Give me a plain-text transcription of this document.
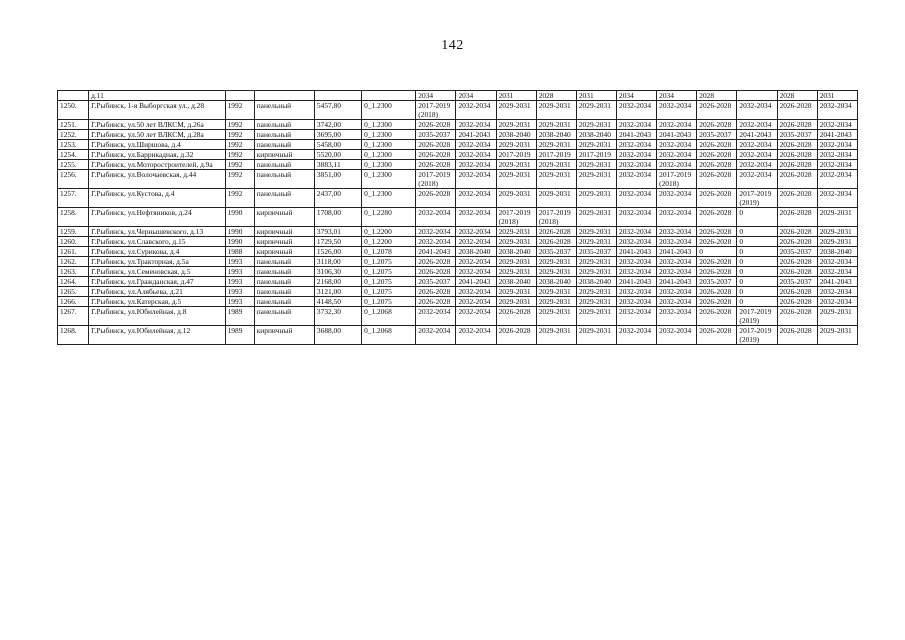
142
	д.11					2034	2034	2031	2028	2031	2034	2034	2028		2028	2031
1250.	Г.Рыбинск, 1-я Выборгская ул., д.28	1992	панельный	5457,80	0_1.2300	2017-2019 (2018)	2032-2034	2029-2031	2029-2031	2029-2031	2032-2034	2032-2034	2026-2028	2032-2034	2026-2028	2032-2034
1251.	Г.Рыбинск, ул.50 лет ВЛКСМ, д.26а	1992	панельный	3742,00	0_1.2300	2026-2028	2032-2034	2029-2031	2029-2031	2029-2031	2032-2034	2032-2034	2026-2028	2032-2034	2026-2028	2032-2034
1252.	Г.Рыбинск, ул.50 лет ВЛКСМ, д.28а	1992	панельный	3695,00	0_1.2300	2035-2037	2041-2043	2038-2040	2038-2040	2038-2040	2041-2043	2041-2043	2035-2037	2041-2043	2035-2037	2041-2043
1253.	Г.Рыбинск, ул.Ширшова, д.4	1992	панельный	5458,00	0_1.2300	2026-2028	2032-2034	2029-2031	2029-2031	2029-2031	2032-2034	2032-2034	2026-2028	2032-2034	2026-2028	2032-2034
1254.	Г.Рыбинск, ул.Баррикадная, д.32	1992	кирпичный	5520,00	0_1.2300	2026-2028	2032-2034	2017-2019	2017-2019	2017-2019	2032-2034	2032-2034	2026-2028	2032-2034	2026-2028	2032-2034
1255.	Г.Рыбинск, ул.Моторостроителей, д.9а	1992	панельный	3883,11	0_1.2300	2026-2028	2032-2034	2029-2031	2029-2031	2029-2031	2032-2034	2032-2034	2026-2028	2032-2034	2026-2028	2032-2034
1256.	Г.Рыбинск, ул.Волочаевская, д.44	1992	панельный	3851,00	0_1.2300	2017-2019 (2018)	2032-2034	2029-2031	2029-2031	2029-2031	2032-2034	2017-2019 (2018)	2026-2028	2032-2034	2026-2028	2032-2034
1257.	Г.Рыбинск, ул.Кустова, д.4	1992	панельный	2437,00	0_1.2300	2026-2028	2032-2034	2029-2031	2029-2031	2029-2031	2032-2034	2032-2034	2026-2028	2017-2019 (2019)	2026-2028	2032-2034
1258.	Г.Рыбинск, ул.Нефтяников, д.24	1990	кирпичный	1708,00	0_1.2280	2032-2034	2032-2034	2017-2019 (2018)	2017-2019 (2018)	2029-2031	2032-2034	2032-2034	2026-2028	0	2026-2028	2029-2031
1259.	Г.Рыбинск, ул.Чернышевского, д.13	1990	кирпичный	3793,01	0_1.2200	2032-2034	2032-2034	2029-2031	2026-2028	2029-2031	2032-2034	2032-2034	2026-2028	0	2026-2028	2029-2031
1260.	Г.Рыбинск, ул.Славского, д.15	1990	кирпичный	1729,50	0_1.2200	2032-2034	2032-2034	2029-2031	2026-2028	2029-2031	2032-2034	2032-2034	2026-2028	0	2026-2028	2029-2031
1261.	Г.Рыбинск, ул.Сурикова, д.4	1988	кирпичный	1526,00	0_1.2078	2041-2043	2038-2040	2038-2040	2035-2037	2035-2037	2041-2043	2041-2043	0	0	2035-2037	2038-2040
1262.	Г.Рыбинск, ул.Тракторная, д.5а	1993	панельный	3118,00	0_1.2075	2026-2028	2032-2034	2029-2031	2029-2031	2029-2031	2032-2034	2032-2034	2026-2028	0	2026-2028	2032-2034
1263.	Г.Рыбинск, ул.Семеновская, д.5	1993	панельный	3106,30	0_1.2075	2026-2028	2032-2034	2029-2031	2029-2031	2029-2031	2032-2034	2032-2034	2026-2028	0	2026-2028	2032-2034
1264.	Г.Рыбинск, ул.Гражданская, д.47	1993	панельный	2168,00	0_1.2075	2035-2037	2041-2043	2038-2040	2038-2040	2038-2040	2041-2043	2041-2043	2035-2037	0	2035-2037	2041-2043
1265.	Г.Рыбинск, ул.Алябьева, д.21	1993	панельный	3121,00	0_1.2075	2026-2028	2032-2034	2029-2031	2029-2031	2029-2031	2032-2034	2032-2034	2026-2028	0	2026-2028	2032-2034
1266.	Г.Рыбинск, ул.Катерская, д.5	1993	панельный	4148,50	0_1.2075	2026-2028	2032-2034	2029-2031	2029-2031	2029-2031	2032-2034	2032-2034	2026-2028	0	2026-2028	2032-2034
1267.	Г.Рыбинск, ул.Юбилейная, д.8	1989	панельный	3732,30	0_1.2068	2032-2034	2032-2034	2026-2028	2029-2031	2029-2031	2032-2034	2032-2034	2026-2028	2017-2019 (2019)	2026-2028	2029-2031
1268.	Г.Рыбинск, ул.Юбилейная, д.12	1989	кирпичный	3688,00	0_1.2068	2032-2034	2032-2034	2026-2028	2029-2031	2029-2031	2032-2034	2032-2034	2026-2028	2017-2019 (2019)	2026-2028	2029-2031
